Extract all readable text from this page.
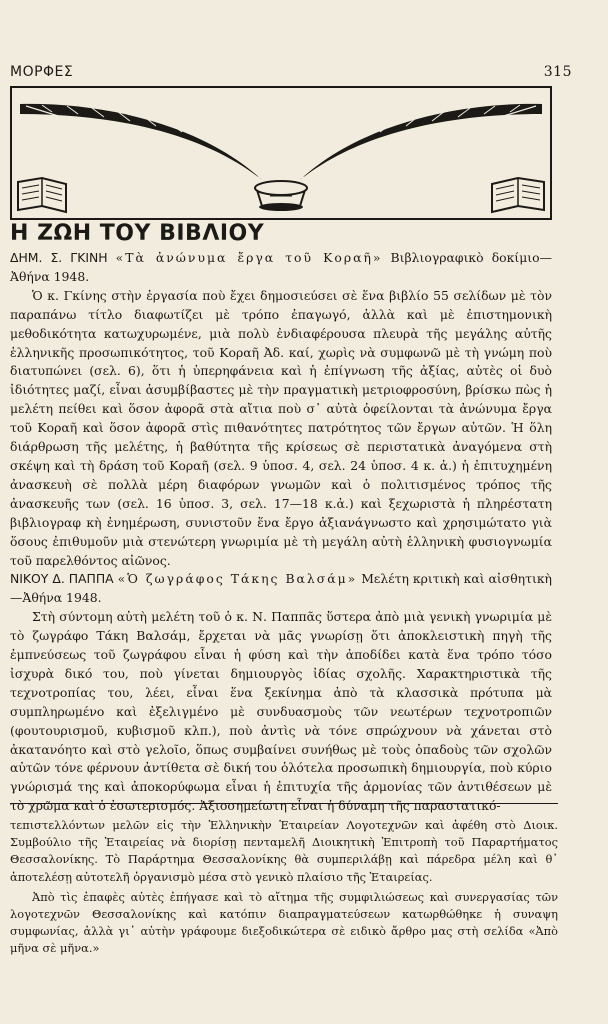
ΜΟΡΦΕΣ	315
Η ΖΩΗ ΤΟΥ ΒΙΒΛΙΟΥ

ΔΗΜ. Σ. ΓΚΙΝΗ «Τὰ ἀνώνυμα ἔργα τοῦ Κοραῆ» Βιβλιογραφικὸ δοκίμιο—Ἀθήνα 1948.

Ὁ κ. Γκίνης στὴν ἐργασία ποὺ ἔχει δημοσιεύσει σὲ ἕνα βιβλίο 55 σελίδων μὲ τὸν παραπάνω τίτλο διαφωτίζει μὲ τρόπο ἐπαγωγό, ἀλλὰ καὶ μὲ ἐπιστημονικὴ μεθοδικότητα κατωχυρωμένε, μιὰ πολὺ ἐνδιαφέρουσα πλευρὰ τῆς μεγάλης αὐτῆς ἑλληνικῆς προσωπικότητος, τοῦ Κοραῆ Ἀδ. καί, χωρὶς νὰ συμφωνῶ μὲ τὴ γνώμη ποὺ διατυπώνει (σελ. 6), ὅτι ἡ ὑπερηφάνεια καὶ ἡ ἐπίγνωση τῆς ἀξίας, αὐτὲς οἱ δυὸ ἰδιότητες μαζί, εἶναι ἀσυμβίβαστες μὲ τὴν πραγματικὴ μετριοφροσύνη, βρίσκω πὼς ἡ μελέτη πείθει καὶ ὅσον ἀφορᾶ στὰ αἴτια ποὺ σ᾿ αὐτὰ ὀφείλονται τὰ ἀνώνυμα ἔργα τοῦ Κοραῆ καὶ ὅσον ἀφορᾶ στὶς πιθανότητες πατρότητος τῶν ἔργων αὐτῶν. Ἡ ὅλη διάρθρωση τῆς μελέτης, ἡ βαθύτητα τῆς κρίσεως σὲ περιστατικὰ ἀναγόμενα στὴ σκέψη καὶ τὴ δράση τοῦ Κοραῆ (σελ. 9 ὑποσ. 4, σελ. 24 ὑποσ. 4 κ. ἀ.) ἡ ἐπιτυχημένη ἀνασκευὴ σὲ πολλὰ μέρη διαφόρων γνωμῶν καὶ ὁ πολιτισμένος τρόπος τῆς ἀνασκευῆς των (σελ. 16 ὑποσ. 3, σελ. 17—18 κ.ἀ.) καὶ ξεχωριστὰ ἡ πληρέστατη βιβλιογραφ κὴ ἐνημέρωση, συνιστοῦν ἕνα ἔργο ἀξιανάγνωστο καὶ χρησιμώτατο γιὰ ὅσους ἐπιθυμοῦν μιὰ στενώτερη γνωριμία μὲ τὴ μεγάλη αὐτὴ ἑλληνικὴ φυσιογνωμία τοῦ παρελθόντος αἰῶνος.

ΝΙΚΟΥ Δ. ΠΑΠΠΑ «Ὁ ζωγράφος Τάκης Βαλσάμ» Μελέτη κριτικὴ καὶ αἰσθητικὴ—Ἀθήνα 1948.

Στὴ σύντομη αὐτὴ μελέτη τοῦ ὁ κ. Ν. Παππᾶς ὕστερα ἀπὸ μιὰ γενικὴ γνωριμία μὲ τὸ ζωγράφο Τάκη Βαλσάμ, ἔρχεται νὰ μᾶς γνωρίσῃ ὅτι ἀποκλειστικὴ πηγὴ τῆς ἐμπνεύσεως τοῦ ζωγράφου εἶναι ἡ φύση καὶ τὴν ἀποδίδει κατὰ ἕνα τρόπο τόσο ἰσχυρὰ δικό του, ποὺ γίνεται δημιουργὸς ἰδίας σχολῆς. Χαρακτηριστικὰ τῆς τεχνοτροπίας του, λέει, εἶναι ἕνα ξεκίνημα ἀπὸ τὰ κλασσικὰ πρότυπα μὰ συμπληρωμένο καὶ ἐξελιγμένο μὲ συνδυασμοὺς τῶν νεωτέρων τεχνοτροπιῶν (φουτουρισμοῦ, κυβισμοῦ κλπ.), ποὺ ἀντὶς νὰ τόνε σπρώχνουν νὰ χάνεται στὸ ἀκατανόητο καὶ στὸ γελοῖο, ὅπως συμβαίνει συνήθως μὲ τοὺς ὀπαδοὺς τῶν σχολῶν αὐτῶν τόνε φέρνουν ἀντίθετα σὲ δική του ὁλότελα προσωπικὴ δημιουργία, ποὺ κύριο γνώρισμά της καὶ ἀποκορύφωμα εἶναι ἡ ἐπιτυχία τῆς ἁρμονίας τῶν ἀντιθέσεων μὲ τὸ χρῶμα καὶ ὁ ἐσωτερισμός. Ἀξιοσημείωτη εἶναι ἡ δύναμη τῆς παραστατικό-

τεπιστελλόντων μελῶν εἰς τὴν Ἑλληνικὴν Ἑταιρείαν Λογοτεχνῶν καὶ ἀφέθη στὸ Διοικ. Συμβούλιο τῆς Ἑταιρείας νὰ διορίσῃ πενταμελῆ Διοικητικὴ Ἐπιτροπὴ τοῦ Παραρτήματος Θεσσαλονίκης. Τὸ Παράρτημα Θεσσαλονίκης θὰ συμπεριλάβῃ καὶ πάρεδρα μέλη καὶ θ᾿ ἀποτελέσῃ αὐτοτελῆ ὀργανισμὸ μέσα στὸ γενικὸ πλαίσιο τῆς Ἑταιρείας.

Ἀπὸ τὶς ἐπαφὲς αὐτὲς ἐπήγασε καὶ τὸ αἴτημα τῆς συμφιλιώσεως καὶ συνεργασίας τῶν λογοτεχνῶν Θεσσαλονίκης καὶ κατόπιν διαπραγματεύσεων κατωρθώθηκε ἡ συναψη συμφωνίας, ἀλλὰ γι᾿ αὐτὴν γράφουμε διεξοδικώτερα σὲ ειδικὸ ἄρθρο μας στὴ σελίδα «Ἀπὸ μῆνα σὲ μῆνα.»
